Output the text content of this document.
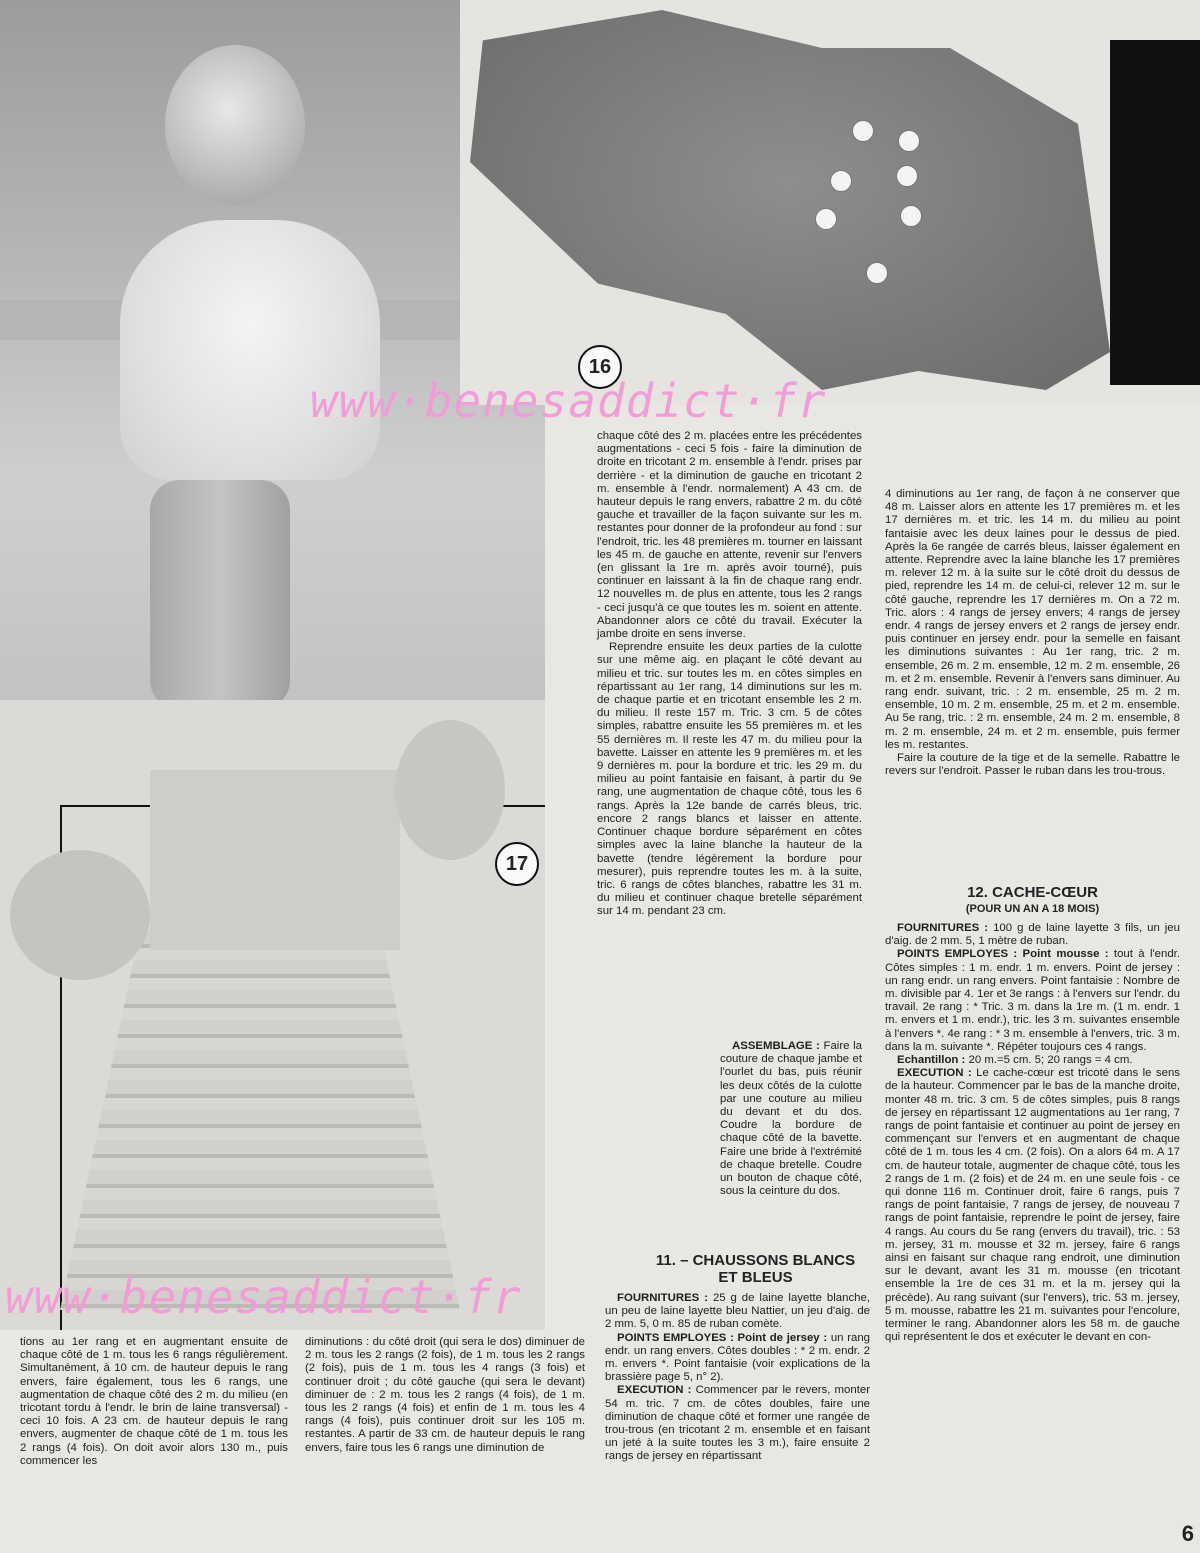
16
17

chaque côté des 2 m. placées entre les précédentes augmentations - ceci 5 fois - faire la diminution de droite en tricotant 2 m. ensemble à l'endr. prises par derrière - et la diminution de gauche en tricotant 2 m. ensemble à l'endr. normalement) A 43 cm. de hauteur depuis le rang envers, rabattre 2 m. du côté gauche et travailler de la façon suivante sur les m. restantes pour donner de la profondeur au fond : sur l'endroit, tric. les 48 premières m. tourner en laissant les 45 m. de gauche en attente, revenir sur l'envers (en glissant la 1re m. après avoir tourné), puis continuer en laissant à la fin de chaque rang endr. 12 nouvelles m. de plus en attente, tous les 2 rangs - ceci jusqu'à ce que toutes les m. soient en attente. Abandonner alors ce côté du travail. Exécuter la jambe droite en sens inverse.

Reprendre ensuite les deux parties de la culotte sur une même aig. en plaçant le côté devant au milieu et tric. sur toutes les m. en côtes simples en répartissant au 1er rang, 14 diminutions sur les m. de chaque partie et en tricotant ensemble les 2 m. du milieu. Il reste 157 m. Tric. 3 cm. 5 de côtes simples, rabattre ensuite les 55 premières m. et les 55 dernières m. Il reste les 47 m. du milieu pour la bavette. Laisser en attente les 9 premières m. et les 9 dernières m. pour la bordure et tric. les 29 m. du milieu au point fantaisie en faisant, à partir du 9e rang, une augmentation de chaque côté, tous les 6 rangs. Après la 12e bande de carrés bleus, tric. encore 2 rangs blancs et laisser en attente. Continuer chaque bordure séparément en côtes simples avec la laine blanche la hauteur de la bavette (tendre légèrement la bordure pour mesurer), puis reprendre toutes les m. à la suite, tric. 6 rangs de côtes blanches, rabattre les 31 m. du milieu et continuer chaque bretelle séparément sur 14 m. pendant 23 cm.

ASSEMBLAGE : Faire la couture de chaque jambe et l'ourlet du bas, puis réunir les deux côtés de la culotte par une couture au milieu du devant et du dos. Coudre la bordure de chaque côté de la bavette. Faire une bride à l'extrémité de chaque bretelle. Coudre un bouton de chaque côté, sous la ceinture du dos.

4 diminutions au 1er rang, de façon à ne conserver que 48 m. Laisser alors en attente les 17 premières m. et les 17 dernières m. et tric. les 14 m. du milieu au point fantaisie avec les deux laines pour le dessus de pied. Après la 6e rangée de carrés bleus, laisser également en attente. Reprendre avec la laine blanche les 17 premières m. relever 12 m. à la suite sur le côté droit du dessus de pied, reprendre les 14 m. de celui-ci, relever 12 m. sur le côté gauche, reprendre les 17 dernières m. On a 72 m. Tric. alors : 4 rangs de jersey envers; 4 rangs de jersey endr. 4 rangs de jersey envers et 2 rangs de jersey endr. puis continuer en jersey endr. pour la semelle en faisant les diminutions suivantes : Au 1er rang, tric. 2 m. ensemble, 26 m. 2 m. ensemble, 12 m. 2 m. ensemble, 26 m. et 2 m. ensemble. Revenir à l'envers sans diminuer. Au rang endr. suivant, tric. : 2 m. ensemble, 25 m. 2 m. ensemble, 10 m. 2 m. ensemble, 25 m. et 2 m. ensemble. Au 5e rang, tric. : 2 m. ensemble, 24 m. 2 m. ensemble, 8 m. 2 m. ensemble, 24 m. et 2 m. ensemble, puis fermer les m. restantes.

Faire la couture de la tige et de la semelle. Rabattre le revers sur l'endroit. Passer le ruban dans les trou-trous.

12. CACHE-CŒUR
(POUR UN AN A 18 MOIS)

FOURNITURES : 100 g de laine layette 3 fils, un jeu d'aig. de 2 mm. 5, 1 mètre de ruban.

POINTS EMPLOYES : Point mousse : tout à l'endr. Côtes simples : 1 m. endr. 1 m. envers. Point de jersey : un rang endr. un rang envers. Point fantaisie : Nombre de m. divisible par 4. 1er et 3e rangs : à l'envers sur l'endr. du travail. 2e rang : * Tric. 3 m. dans la 1re m. (1 m. endr. 1 m. envers et 1 m. endr.), tric. les 3 m. suivantes ensemble à l'envers *. 4e rang : * 3 m. ensemble à l'envers, tric. 3 m. dans la m. suivante *. Répéter toujours ces 4 rangs.

Echantillon : 20 m.=5 cm. 5; 20 rangs = 4 cm.

EXECUTION : Le cache-cœur est tricoté dans le sens de la hauteur. Commencer par le bas de la manche droite, monter 48 m. tric. 3 cm. 5 de côtes simples, puis 8 rangs de jersey en répartissant 12 augmentations au 1er rang, 7 rangs de point fantaisie et continuer au point de jersey en commençant sur l'envers et en augmentant de chaque côté de 1 m. tous les 4 cm. (2 fois). On a alors 64 m. A 17 cm. de hauteur totale, augmenter de chaque côté, tous les 2 rangs de 1 m. (2 fois) et de 24 m. en une seule fois - ce qui donne 116 m. Continuer droit, faire 6 rangs, puis 7 rangs de point fantaisie, 7 rangs de jersey, de nouveau 7 rangs de point fantaisie, reprendre le point de jersey, faire 4 rangs. Au cours du 5e rang (envers du travail), tric. : 53 m. jersey, 31 m. mousse et 32 m. jersey, faire 6 rangs ainsi en faisant sur chaque rang endroit, une diminution sur le devant, avant les 31 m. mousse (en tricotant ensemble la 1re de ces 31 m. et la m. jersey qui la précède). Au rang suivant (sur l'envers), tric. 53 m. jersey, 5 m. mousse, rabattre les 21 m. suivantes pour l'encolure, terminer le rang. Abandonner alors les 58 m. de gauche qui représentent le dos et exécuter le devant en con-

11. – CHAUSSONS BLANCS ET BLEUS

FOURNITURES : 25 g de laine layette blanche, un peu de laine layette bleu Nattier, un jeu d'aig. de 2 mm. 5, 0 m. 85 de ruban comète.

POINTS EMPLOYES : Point de jersey : un rang endr. un rang envers. Côtes doubles : * 2 m. endr. 2 m. envers *. Point fantaisie (voir explications de la brassière page 5, n° 2).

EXECUTION : Commencer par le revers, monter 54 m. tric. 7 cm. de côtes doubles, faire une diminution de chaque côté et former une rangée de trou-trous (en tricotant 2 m. ensemble et en faisant un jeté à la suite toutes les 3 m.), faire ensuite 2 rangs de jersey en répartissant

tions au 1er rang et en augmentant ensuite de chaque côté de 1 m. tous les 6 rangs régulièrement. Simultanément, à 10 cm. de hauteur depuis le rang envers, faire également, tous les 6 rangs, une augmentation de chaque côté des 2 m. du milieu (en tricotant tordu à l'endr. le brin de laine transversal) - ceci 10 fois. A 23 cm. de hauteur depuis le rang envers, augmenter de chaque côté de 1 m. tous les 2 rangs (4 fois). On doit avoir alors 130 m., puis commencer les

diminutions : du côté droit (qui sera le dos) diminuer de 2 m. tous les 2 rangs (2 fois), de 1 m. tous les 2 rangs (2 fois), puis de 1 m. tous les 4 rangs (3 fois) et continuer droit ; du côté gauche (qui sera le devant) diminuer de : 2 m. tous les 2 rangs (4 fois), de 1 m. tous les 2 rangs (4 fois) et enfin de 1 m. tous les 4 rangs (4 fois), puis continuer droit sur les 105 m. restantes. A partir de 33 cm. de hauteur depuis le rang envers, faire tous les 6 rangs une diminution de

www·benesaddict·fr
www·benesaddict·fr
6
